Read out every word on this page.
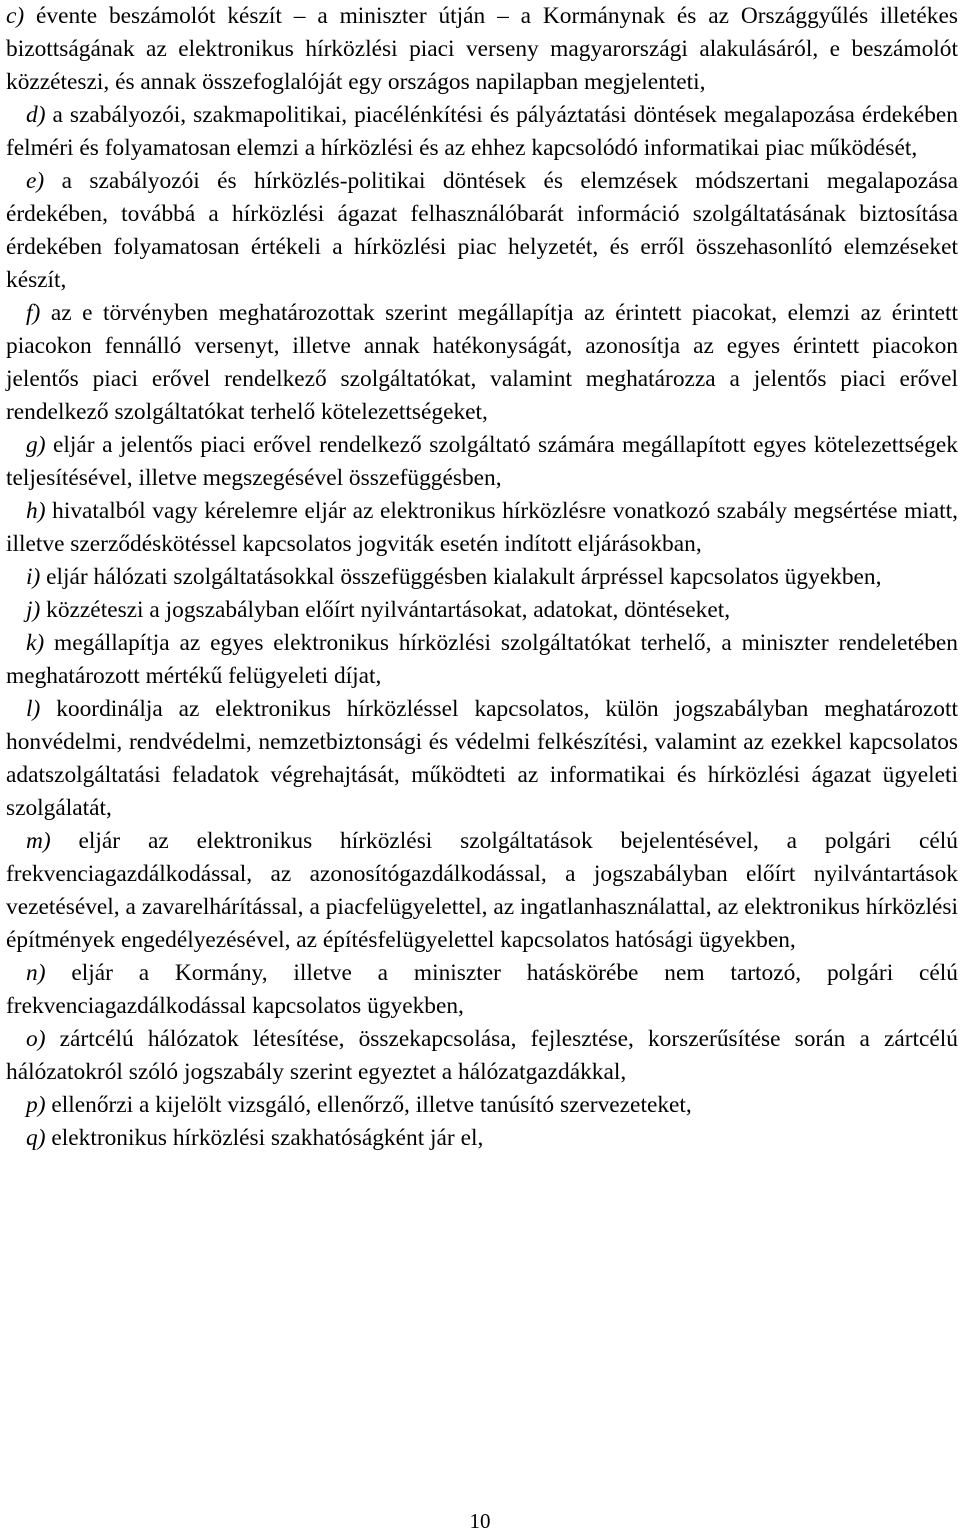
c) évente beszámolót készít – a miniszter útján – a Kormánynak és az Országgyűlés illetékes bizottságának az elektronikus hírközlési piaci verseny magyarországi alakulásáról, e beszámolót közzéteszi, és annak összefoglalóját egy országos napilapban megjelenteti,

d) a szabályozói, szakmapolitikai, piacélénkítési és pályáztatási döntések megalapozása érdekében felméri és folyamatosan elemzi a hírközlési és az ehhez kapcsolódó informatikai piac működését,

e) a szabályozói és hírközlés-politikai döntések és elemzések módszertani megalapozása érdekében, továbbá a hírközlési ágazat felhasználóbarát információ szolgáltatásának biztosítása érdekében folyamatosan értékeli a hírközlési piac helyzetét, és erről összehasonlító elemzéseket készít,

f) az e törvényben meghatározottak szerint megállapítja az érintett piacokat, elemzi az érintett piacokon fennálló versenyt, illetve annak hatékonyságát, azonosítja az egyes érintett piacokon jelentős piaci erővel rendelkező szolgáltatókat, valamint meghatározza a jelentős piaci erővel rendelkező szolgáltatókat terhelő kötelezettségeket,

g) eljár a jelentős piaci erővel rendelkező szolgáltató számára megállapított egyes kötelezettségek teljesítésével, illetve megszegésével összefüggésben,

h) hivatalból vagy kérelemre eljár az elektronikus hírközlésre vonatkozó szabály megsértése miatt, illetve szerződéskötéssel kapcsolatos jogviták esetén indított eljárásokban,

i) eljár hálózati szolgáltatásokkal összefüggésben kialakult árpréssel kapcsolatos ügyekben,

j) közzéteszi a jogszabályban előírt nyilvántartásokat, adatokat, döntéseket,

k) megállapítja az egyes elektronikus hírközlési szolgáltatókat terhelő, a miniszter rendeletében meghatározott mértékű felügyeleti díjat,

l) koordinálja az elektronikus hírközléssel kapcsolatos, külön jogszabályban meghatározott honvédelmi, rendvédelmi, nemzetbiztonsági és védelmi felkészítési, valamint az ezekkel kapcsolatos adatszolgáltatási feladatok végrehajtását, működteti az informatikai és hírközlési ágazat ügyeleti szolgálatát,

m) eljár az elektronikus hírközlési szolgáltatások bejelentésével, a polgári célú frekvenciagazdálkodással, az azonosítógazdálkodással, a jogszabályban előírt nyilvántartások vezetésével, a zavarelhárítással, a piacfelügyelettel, az ingatlanhasználattal, az elektronikus hírközlési építmények engedélyezésével, az építésfelügyelettel kapcsolatos hatósági ügyekben,

n) eljár a Kormány, illetve a miniszter hatáskörébe nem tartozó, polgári célú frekvenciagazdálkodással kapcsolatos ügyekben,

o) zártcélú hálózatok létesítése, összekapcsolása, fejlesztése, korszerűsítése során a zártcélú hálózatokról szóló jogszabály szerint egyeztet a hálózatgazdákkal,

p) ellenőrzi a kijelölt vizsgáló, ellenőrző, illetve tanúsító szervezeteket,

q) elektronikus hírközlési szakhatóságként jár el,

10
